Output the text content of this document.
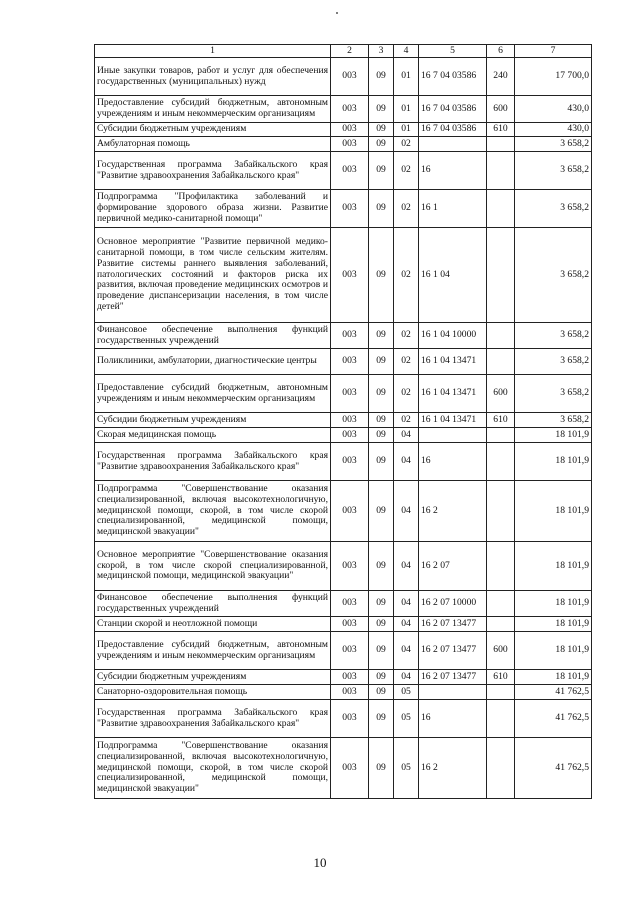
1	2	3	4	5	6	7
Иные закупки товаров, работ и услуг для обеспечения государственных (муниципальных) нужд	003	09	01	16 7 04 03586	240	17 700,0
Предоставление субсидий бюджетным, автономным учреждениям и иным некоммерческим организациям	003	09	01	16 7 04 03586	600	430,0
Субсидии бюджетным учреждениям	003	09	01	16 7 04 03586	610	430,0
Амбулаторная помощь	003	09	02			3 658,2
Государственная программа Забайкальского края "Развитие здравоохранения Забайкальского края"	003	09	02	16		3 658,2
Подпрограмма "Профилактика заболеваний и формирование здорового образа жизни. Развитие первичной медико-санитарной помощи"	003	09	02	16 1		3 658,2
Основное мероприятие "Развитие первичной медико-санитарной помощи, в том числе сельским жителям. Развитие системы раннего выявления заболеваний, патологических состояний и факторов риска их развития, включая проведение медицинских осмотров и проведение диспансеризации населения, в том числе детей"	003	09	02	16 1 04		3 658,2
Финансовое обеспечение выполнения функций государственных учреждений	003	09	02	16 1 04 10000		3 658,2
Поликлиники, амбулатории, диагностические центры	003	09	02	16 1 04 13471		3 658,2
Предоставление субсидий бюджетным, автономным учреждениям и иным некоммерческим организациям	003	09	02	16 1 04 13471	600	3 658,2
Субсидии бюджетным учреждениям	003	09	02	16 1 04 13471	610	3 658,2
Скорая медицинская помощь	003	09	04			18 101,9
Государственная программа Забайкальского края "Развитие здравоохранения Забайкальского края"	003	09	04	16		18 101,9
Подпрограмма "Совершенствование оказания специализированной, включая высокотехнологичную, медицинской помощи, скорой, в том числе скорой специализированной, медицинской помощи, медицинской эвакуации"	003	09	04	16 2		18 101,9
Основное мероприятие "Совершенствование оказания скорой, в том числе скорой специализированной, медицинской помощи, медицинской эвакуации"	003	09	04	16 2 07		18 101,9
Финансовое обеспечение выполнения функций государственных учреждений	003	09	04	16 2 07 10000		18 101,9
Станции скорой и неотложной помощи	003	09	04	16 2 07 13477		18 101,9
Предоставление субсидий бюджетным, автономным учреждениям и иным некоммерческим организациям	003	09	04	16 2 07 13477	600	18 101,9
Субсидии бюджетным учреждениям	003	09	04	16 2 07 13477	610	18 101,9
Санаторно-оздоровительная помощь	003	09	05			41 762,5
Государственная программа Забайкальского края "Развитие здравоохранения Забайкальского края"	003	09	05	16		41 762,5
Подпрограмма "Совершенствование оказания специализированной, включая высокотехнологичную, медицинской помощи, скорой, в том числе скорой специализированной, медицинской помощи, медицинской эвакуации"	003	09	05	16 2		41 762,5
10
